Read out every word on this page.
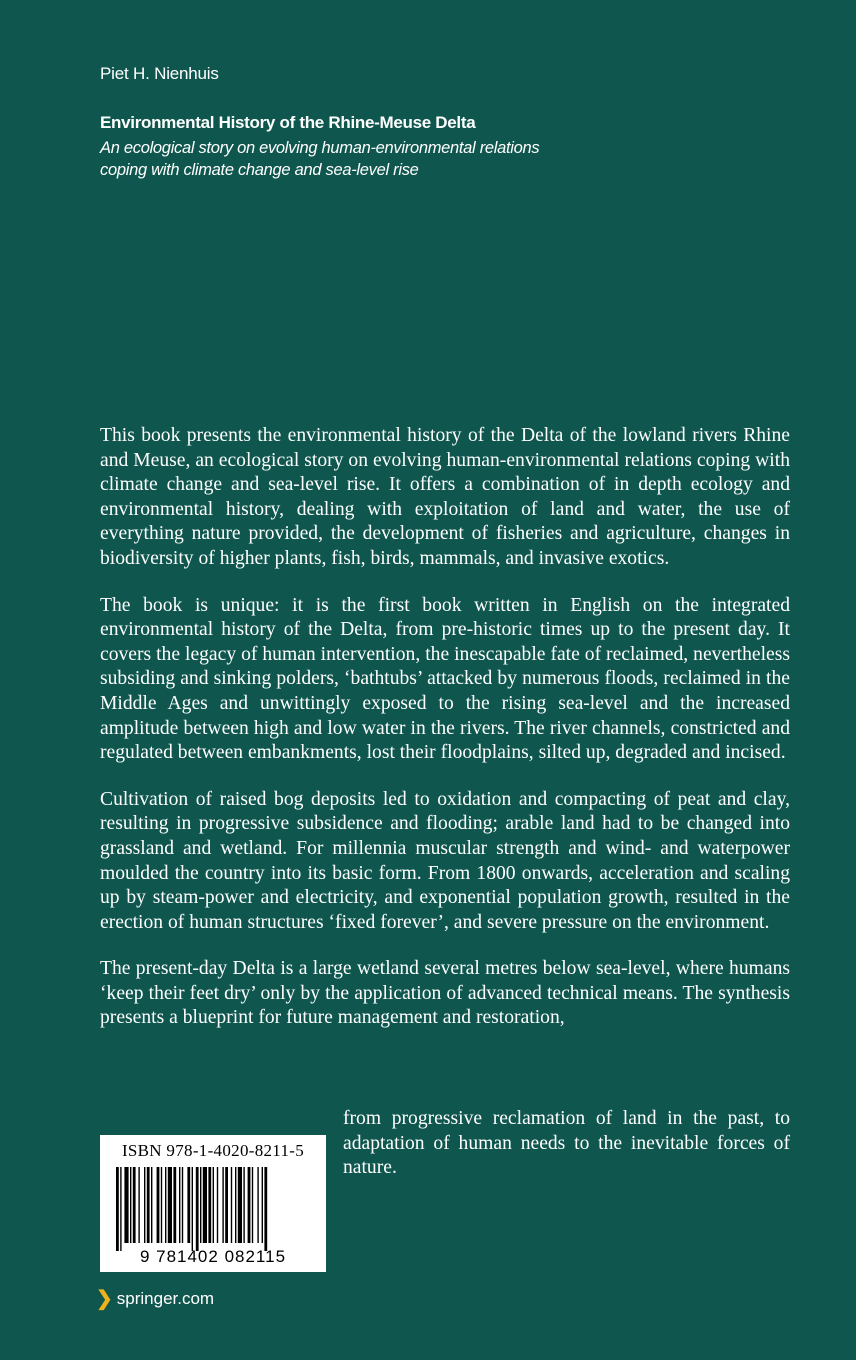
Piet H. Nienhuis
Environmental History of the Rhine-Meuse Delta
An ecological story on evolving human-environmental relations coping with climate change and sea-level rise

This book presents the environmental history of the Delta of the lowland rivers Rhine and Meuse, an ecological story on evolving human-environmental relations coping with climate change and sea-level rise. It offers a combination of in depth ecology and environmental history, dealing with exploitation of land and water, the use of everything nature provided, the development of fisheries and agriculture, changes in biodiversity of higher plants, fish, birds, mammals, and invasive exotics.

The book is unique: it is the first book written in English on the integrated environmental history of the Delta, from pre-historic times up to the present day. It covers the legacy of human intervention, the inescapable fate of reclaimed, nevertheless subsiding and sinking polders, ‘bathtubs’ attacked by numerous floods, reclaimed in the Middle Ages and unwittingly exposed to the rising sea-level and the increased amplitude between high and low water in the rivers. The river channels, constricted and regulated between embankments, lost their floodplains, silted up, degraded and incised.

Cultivation of raised bog deposits led to oxidation and compacting of peat and clay, resulting in progressive subsidence and flooding; arable land had to be changed into grassland and wetland. For millennia muscular strength and wind- and waterpower moulded the country into its basic form. From 1800 onwards, acceleration and scaling up by steam-power and electricity, and exponential population growth, resulted in the erection of human structures ‘fixed forever’, and severe pressure on the environment.

The present-day Delta is a large wetland several metres below sea-level, where humans ‘keep their feet dry’ only by the application of advanced technical means. The synthesis presents a blueprint for future management and restoration,

from progressive reclamation of land in the past, to adaptation of human needs to the inevitable forces of nature.
ISBN 978-1-4020-8211-5
9 781402 082115
❯ springer.com
